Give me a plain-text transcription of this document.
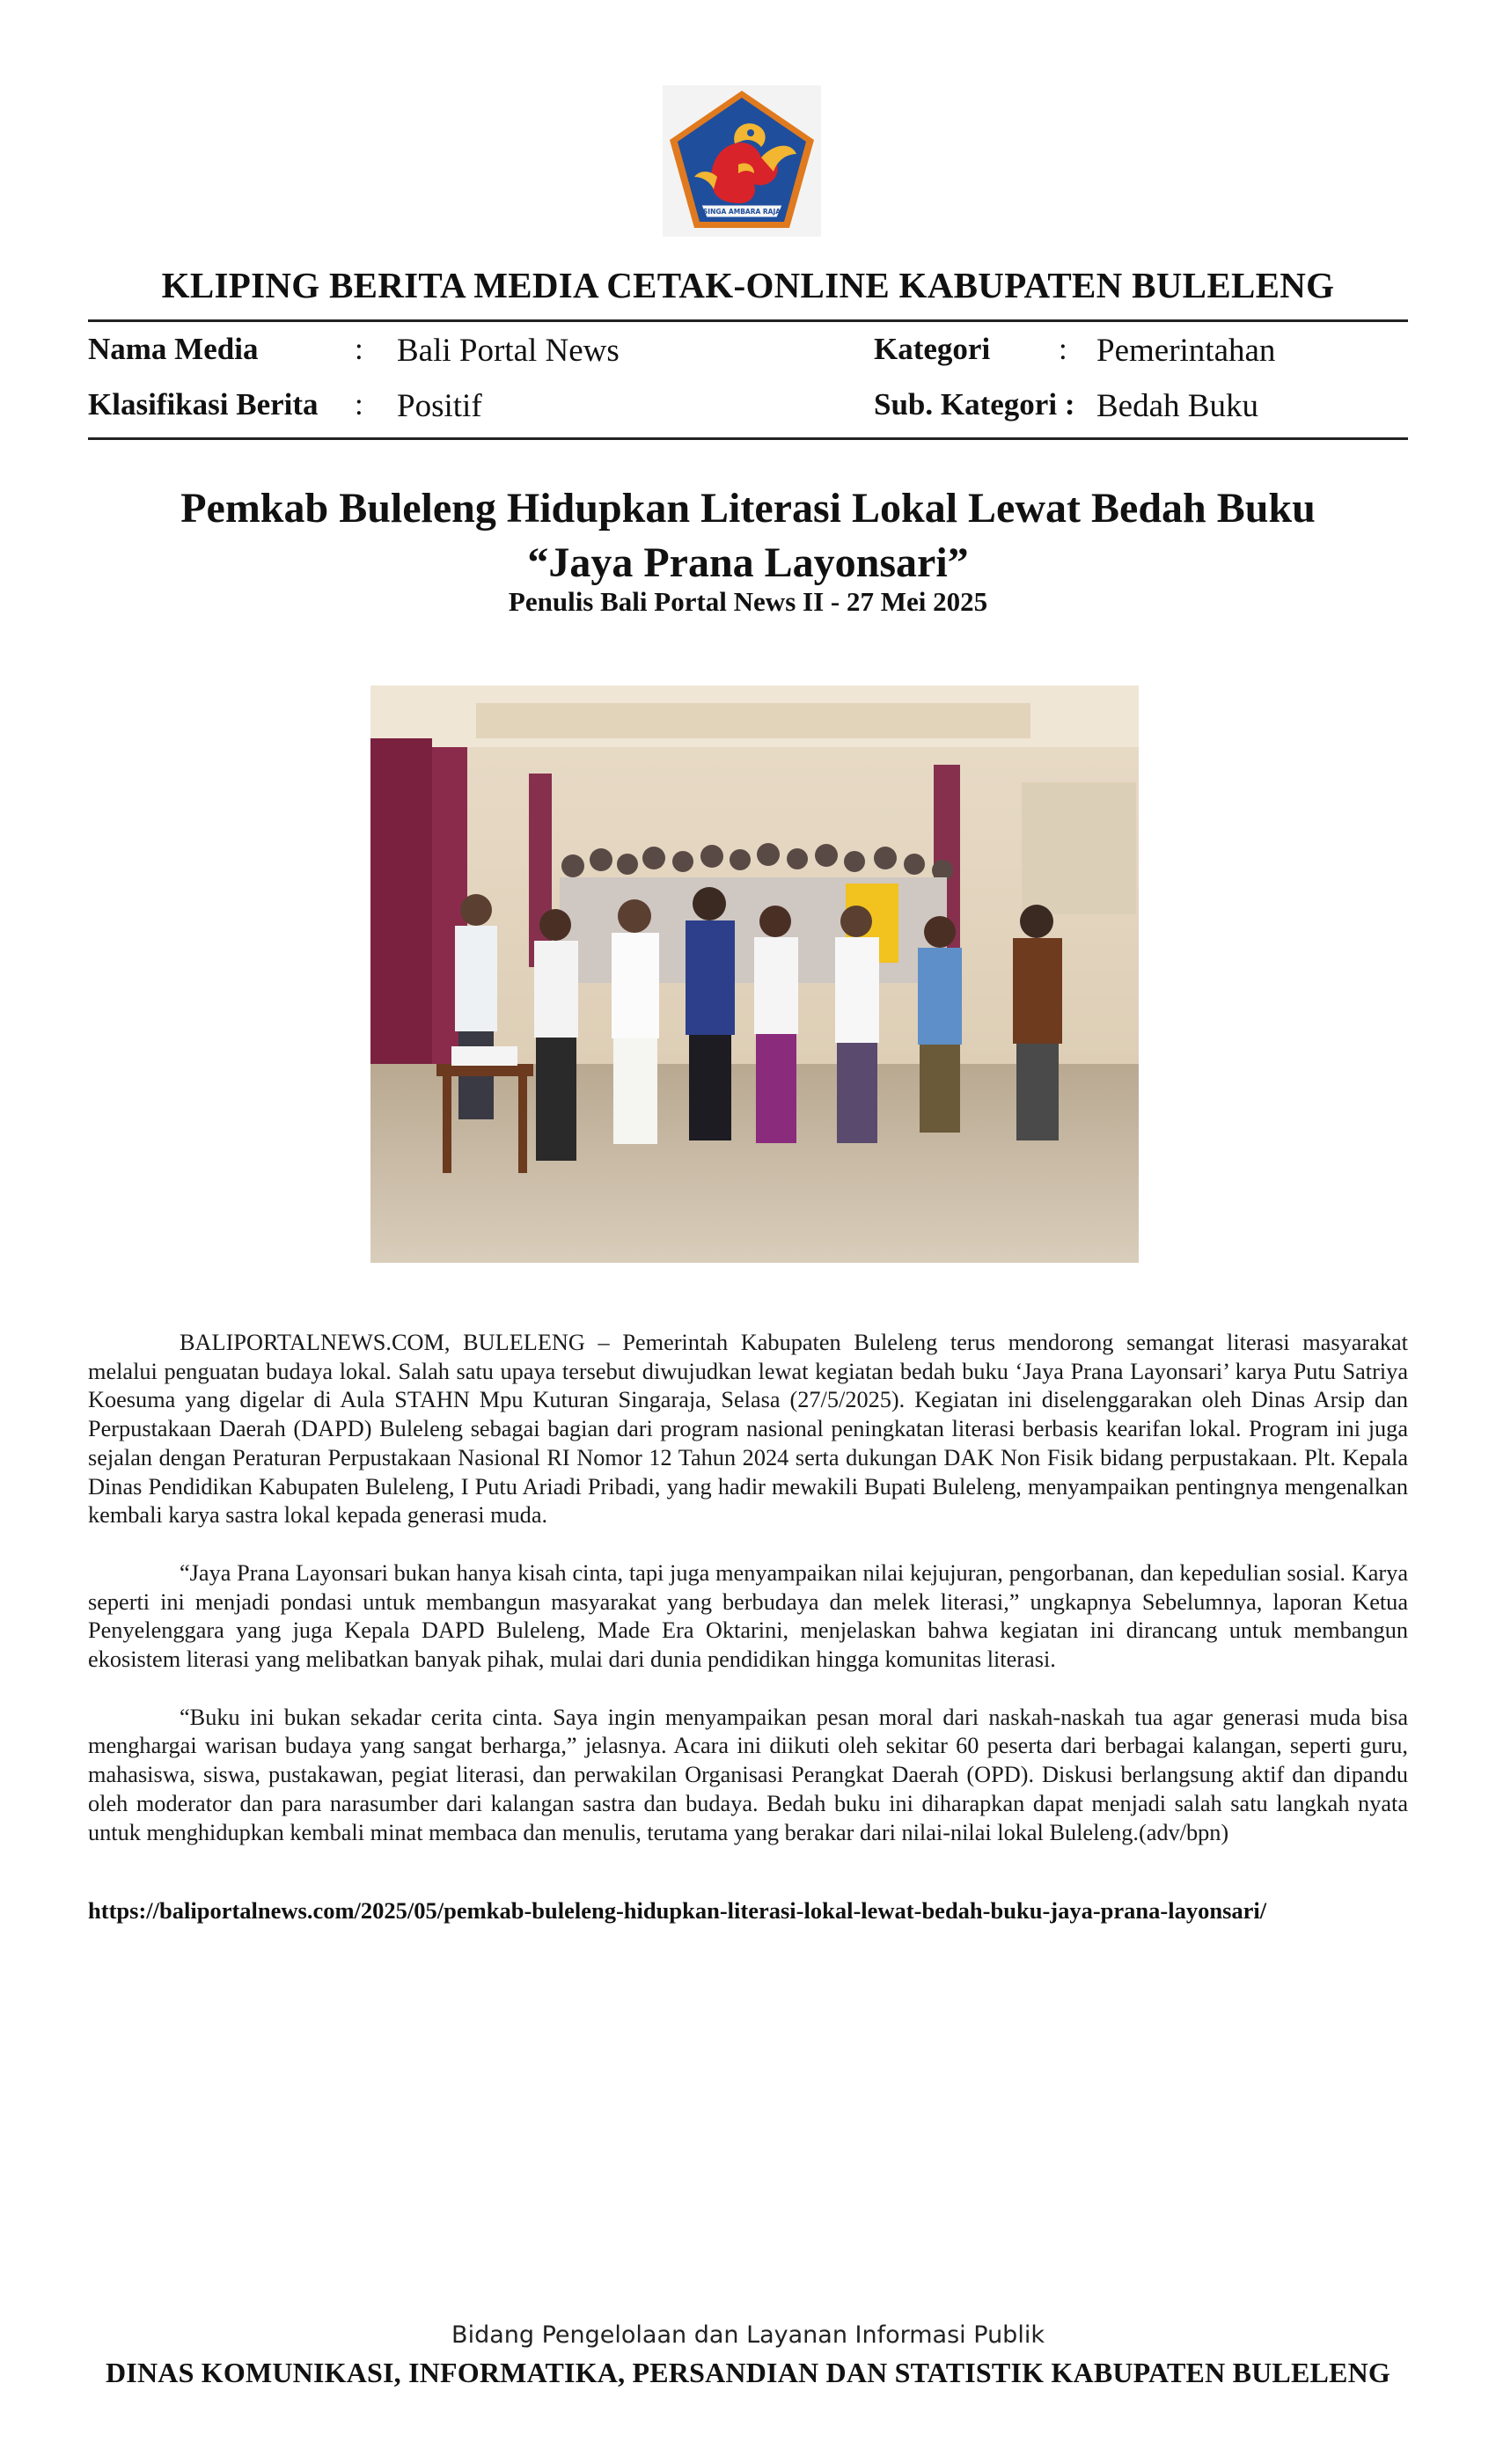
SINGA AMBARA RAJA
KLIPING BERITA MEDIA CETAK-ONLINE KABUPATEN BULELENG
Nama Media	: Bali Portal News	Kategori : Pemerintahan
Klasifikasi Berita : Positif	Sub. Kategori : Bedah Buku
Pemkab Buleleng Hidupkan Literasi Lokal Lewat Bedah Buku
“Jaya Prana Layonsari”
Penulis Bali Portal News II - 27 Mei 2025

BALIPORTALNEWS.COM, BULELENG – Pemerintah Kabupaten Buleleng terus mendorong semangat literasi masyarakat melalui penguatan budaya lokal. Salah satu upaya tersebut diwujudkan lewat kegiatan bedah buku ‘Jaya Prana Layonsari’ karya Putu Satriya Koesuma yang digelar di Aula STAHN Mpu Kuturan Singaraja, Selasa (27/5/2025). Kegiatan ini diselenggarakan oleh Dinas Arsip dan Perpustakaan Daerah (DAPD) Buleleng sebagai bagian dari program nasional peningkatan literasi berbasis kearifan lokal. Program ini juga sejalan dengan Peraturan Perpustakaan Nasional RI Nomor 12 Tahun 2024 serta dukungan DAK Non Fisik bidang perpustakaan. Plt. Kepala Dinas Pendidikan Kabupaten Buleleng, I Putu Ariadi Pribadi, yang hadir mewakili Bupati Buleleng, menyampaikan pentingnya mengenalkan kembali karya sastra lokal kepada generasi muda.

“Jaya Prana Layonsari bukan hanya kisah cinta, tapi juga menyampaikan nilai kejujuran, pengorbanan, dan kepedulian sosial. Karya seperti ini menjadi pondasi untuk membangun masyarakat yang berbudaya dan melek literasi,” ungkapnya Sebelumnya, laporan Ketua Penyelenggara yang juga Kepala DAPD Buleleng, Made Era Oktarini, menjelaskan bahwa kegiatan ini dirancang untuk membangun ekosistem literasi yang melibatkan banyak pihak, mulai dari dunia pendidikan hingga komunitas literasi.

“Buku ini bukan sekadar cerita cinta. Saya ingin menyampaikan pesan moral dari naskah-naskah tua agar generasi muda bisa menghargai warisan budaya yang sangat berharga,” jelasnya. Acara ini diikuti oleh sekitar 60 peserta dari berbagai kalangan, seperti guru, mahasiswa, siswa, pustakawan, pegiat literasi, dan perwakilan Organisasi Perangkat Daerah (OPD). Diskusi berlangsung aktif dan dipandu oleh moderator dan para narasumber dari kalangan sastra dan budaya. Bedah buku ini diharapkan dapat menjadi salah satu langkah nyata untuk menghidupkan kembali minat membaca dan menulis, terutama yang berakar dari nilai-nilai lokal Buleleng.(adv/bpn)

https://baliportalnews.com/2025/05/pemkab-buleleng-hidupkan-literasi-lokal-lewat-bedah-buku-jaya-prana-layonsari/
Bidang Pengelolaan dan Layanan Informasi Publik
DINAS KOMUNIKASI, INFORMATIKA, PERSANDIAN DAN STATISTIK KABUPATEN BULELENG
